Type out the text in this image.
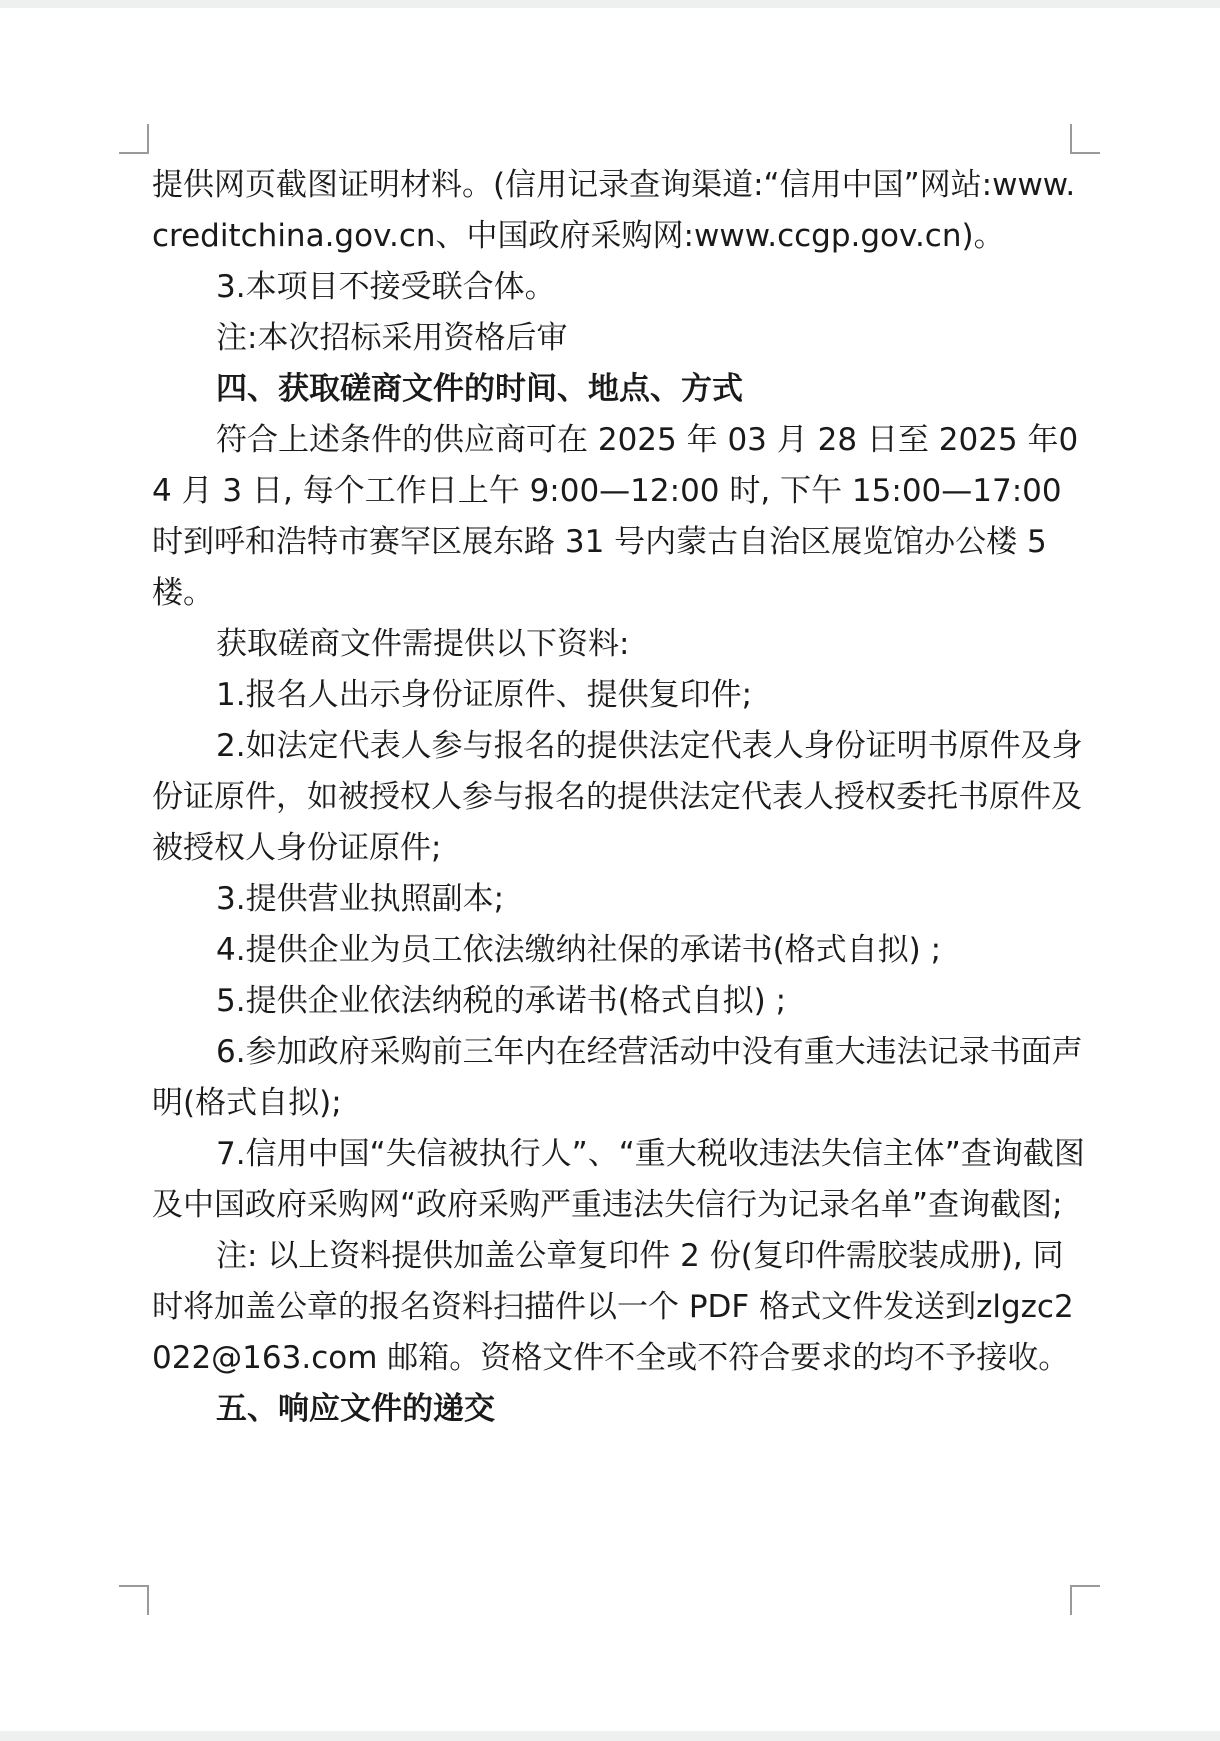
提供网页截图证明材料。(信用记录查询渠道:“信用中国”网站:www.creditchina.gov.cn、中国政府采购网:www.ccgp.gov.cn)。

3.本项目不接受联合体。

注:本次招标采用资格后审

四、获取磋商文件的时间、地点、方式

符合上述条件的供应商可在 2025 年 03 月 28 日至 2025 年04 月 3 日, 每个工作日上午 9:00—12:00 时, 下午 15:00—17:00时到呼和浩特市赛罕区展东路 31 号内蒙古自治区展览馆办公楼 5楼。

获取磋商文件需提供以下资料:

1.报名人出示身份证原件、提供复印件;

2.如法定代表人参与报名的提供法定代表人身份证明书原件及身份证原件，如被授权人参与报名的提供法定代表人授权委托书原件及被授权人身份证原件;

3.提供营业执照副本;

4.提供企业为员工依法缴纳社保的承诺书(格式自拟) ;

5.提供企业依法纳税的承诺书(格式自拟) ;

6.参加政府采购前三年内在经营活动中没有重大违法记录书面声明(格式自拟);

7.信用中国“失信被执行人”、“重大税收违法失信主体”查询截图及中国政府采购网“政府采购严重违法失信行为记录名单”查询截图;

注: 以上资料提供加盖公章复印件 2 份(复印件需胶装成册), 同时将加盖公章的报名资料扫描件以一个 PDF 格式文件发送到zlgzc2022@163.com 邮箱。资格文件不全或不符合要求的均不予接收。

五、响应文件的递交
